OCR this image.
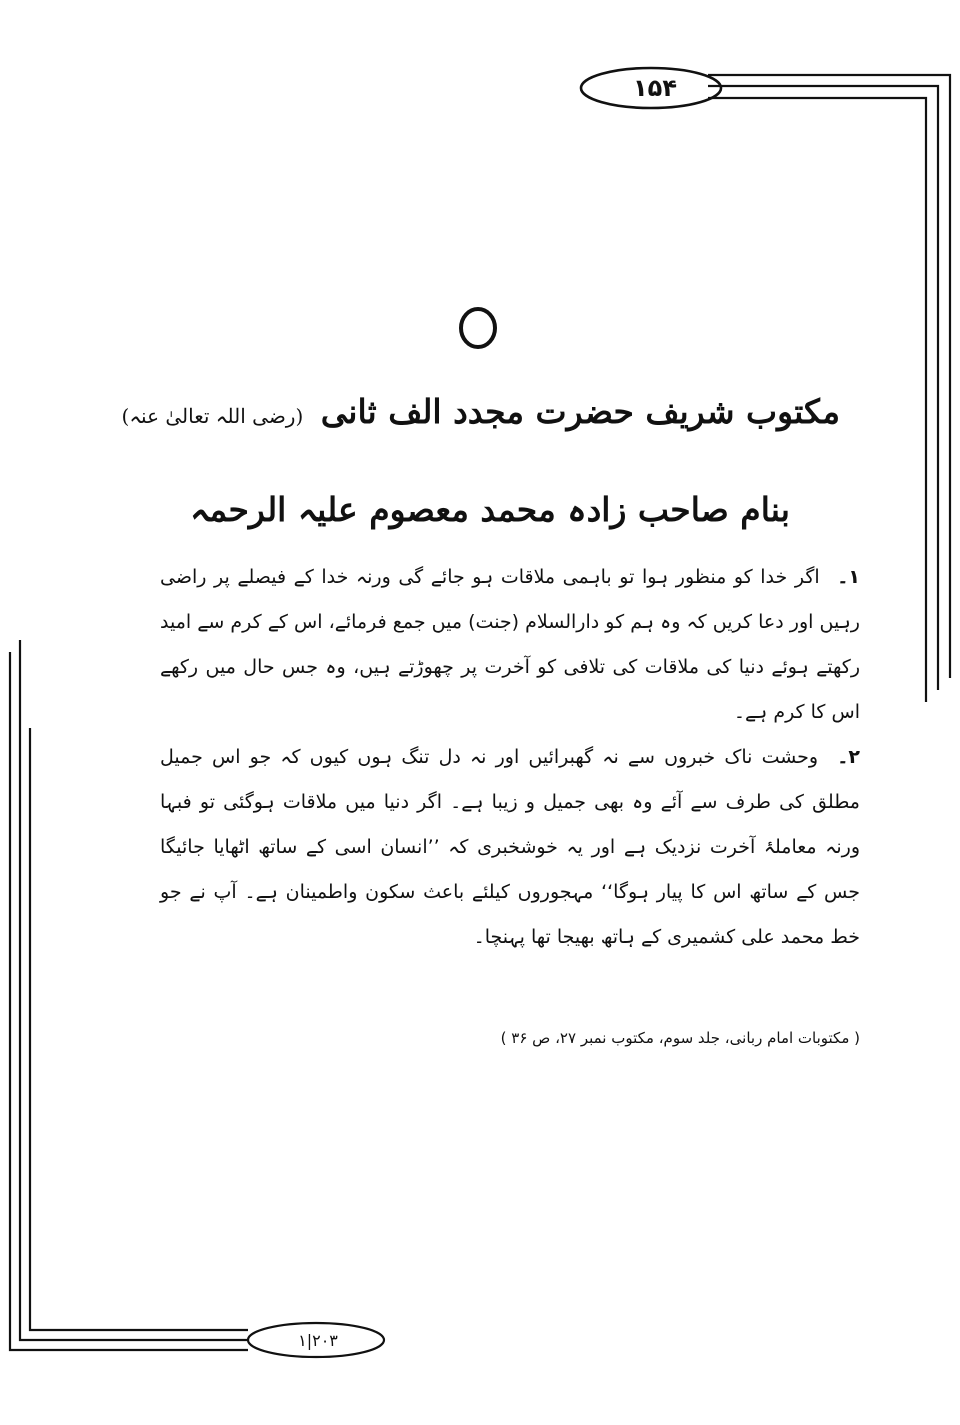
۱۵۴
مکتوب شریف حضرت مجدد الف ثانی (رضی اللہ تعالیٰ عنہ)
بنام صاحب زادہ محمد معصوم علیہ الرحمہ

۱۔ اگر خدا کو منظور ہوا تو باہمی ملاقات ہو جائے گی ورنہ خدا کے فیصلے پر راضی رہیں اور دعا کریں کہ وہ ہم کو دارالسلام (جنت) میں جمع فرمائے، اس کے کرم سے امید رکھتے ہوئے دنیا کی ملاقات کی تلافی کو آخرت پر چھوڑتے ہیں، وہ جس حال میں رکھے اس کا کرم ہے۔

۲۔ وحشت ناک خبروں سے نہ گھبرائیں اور نہ دل تنگ ہوں کیوں کہ جو اس جمیل مطلق کی طرف سے آئے وہ بھی جمیل و زیبا ہے۔ اگر دنیا میں ملاقات ہوگئی تو فبہا ورنہ معاملۂ آخرت نزدیک ہے اور یہ خوشخبری کہ ’’انسان اسی کے ساتھ اٹھایا جائیگا جس کے ساتھ اس کا پیار ہوگا‘‘ مہجوروں کیلئے باعث سکون واطمینان ہے۔ آپ نے جو خط محمد علی کشمیری کے ہاتھ بھیجا تھا پہنچا۔

( مکتوبات امام ربانی، جلد سوم، مکتوب نمبر ۲۷، ص ۳۶ )
۲۰۳|۱
